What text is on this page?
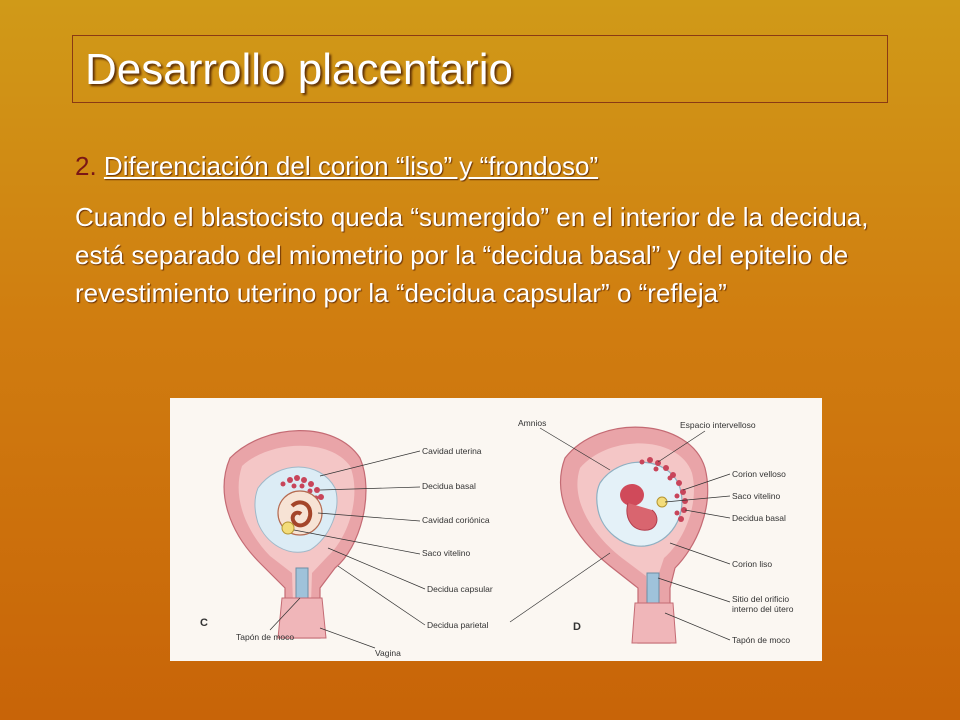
Desarrollo placentario
2. Diferenciación del corion “liso” y “frondoso”
Cuando el blastocisto queda “sumergido” en el interior de la decidua, está separado del miometrio por la “decidua basal” y del epitelio de revestimiento uterino por la “decidua capsular” o “refleja”
C
Cavidad uterina
Decidua basal
Cavidad coriónica
Saco vitelino
Decidua capsular
Decidua parietal
Tapón de moco
Vagina
D
Amnios	Espacio intervelloso
Corion velloso
Saco vitelino
Decidua basal
Corion liso
Sitio del orificio
interno del útero
Tapón de moco
